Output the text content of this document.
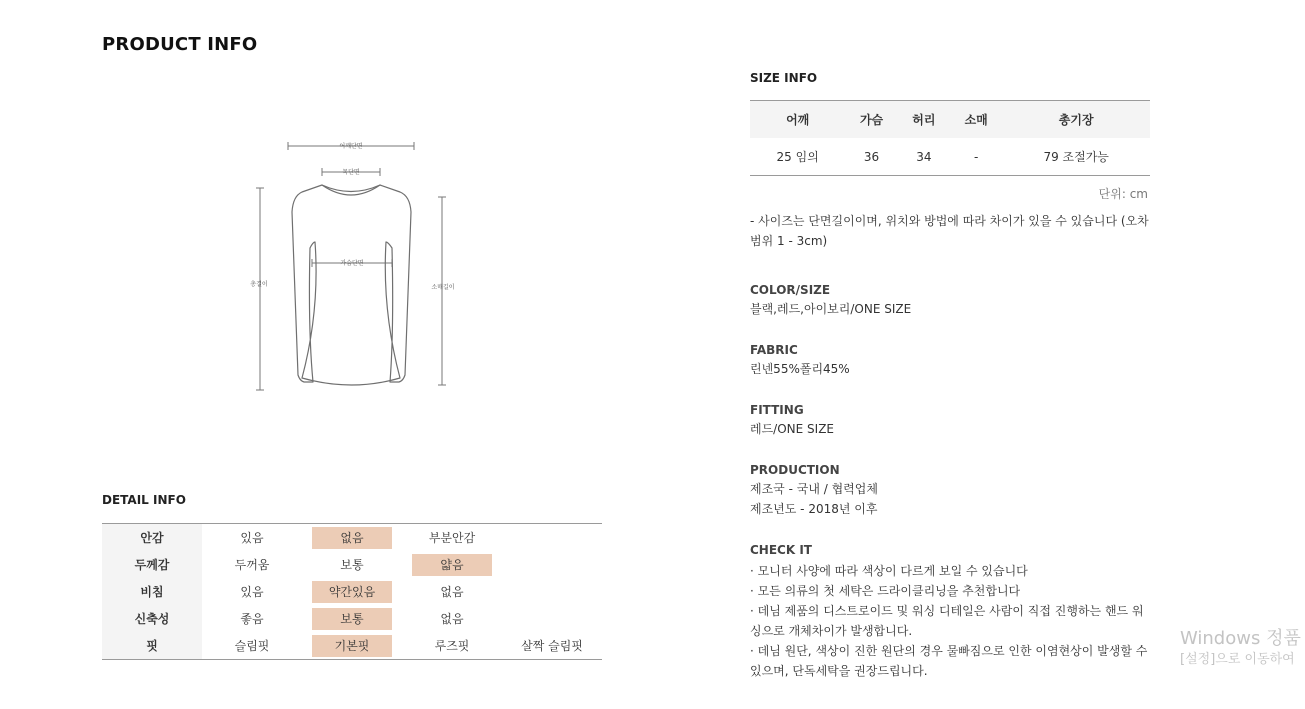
PRODUCT INFO
어깨단면
목단면
가슴단면
총길이	소매길이
DETAIL INFO
안감	있음	없음	부분안감	
두께감	두꺼움	보통	얇음	
비침	있음	약간있음	없음	
신축성	좋음	보통	없음	
핏	슬림핏	기본핏	루즈핏	살짝 슬림핏
SIZE INFO
어깨	가슴	허리	소매	총기장
25 임의	36	34	-	79 조절가능
단위: cm
- 사이즈는 단면길이이며, 위치와 방법에 따라 차이가 있을 수 있습니다 (오차범위 1 - 3cm)
COLOR/SIZE
블랙,레드,아이보리/ONE SIZE
FABRIC
린넨55%폴리45%
FITTING
레드/ONE SIZE
PRODUCTION
제조국 - 국내 / 협력업체
제조년도 - 2018년 이후
CHECK IT
· 모니터 사양에 따라 색상이 다르게 보일 수 있습니다
· 모든 의류의 첫 세탁은 드라이클리닝을 추천합니다
· 데님 제품의 디스트로이드 및 워싱 디테일은 사람이 직접 진행하는 핸드 워싱으로 개체차이가 발생합니다.
· 데님 원단, 색상이 진한 원단의 경우 물빠짐으로 인한 이염현상이 발생할 수 있으며, 단독세탁을 권장드립니다.
Windows 정품
[설정]으로 이동하여
